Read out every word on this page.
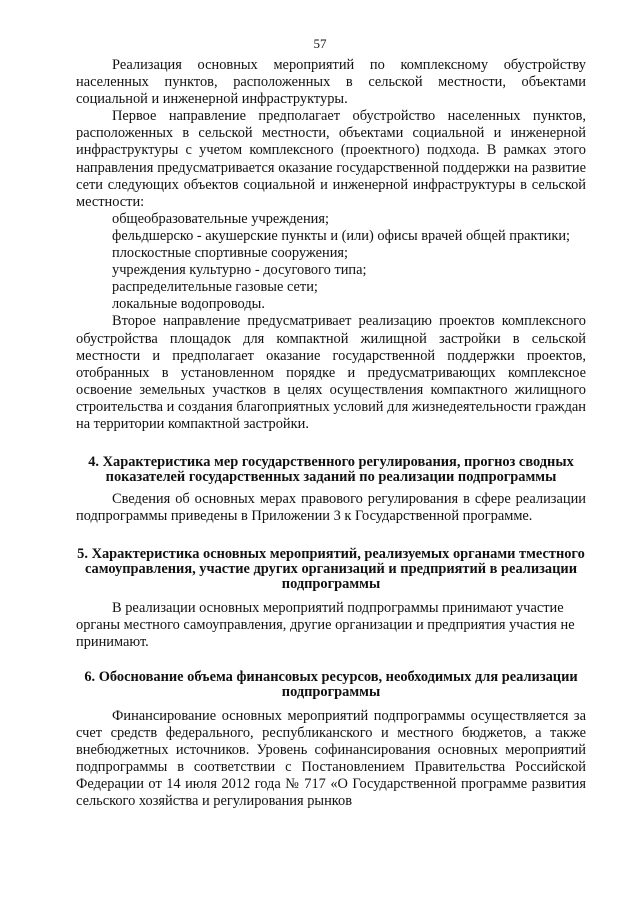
57

Реализация основных мероприятий по комплексному обустройству населенных пунктов, расположенных в сельской местности, объектами социальной и инженерной инфраструктуры.

Первое направление предполагает обустройство населенных пунктов, расположенных в сельской местности, объектами социальной и инженерной инфраструктуры с учетом комплексного (проектного) подхода. В рамках этого направления предусматривается оказание государственной поддержки на развитие сети следующих объектов социальной и инженерной инфраструктуры в сельской местности:

общеобразовательные учреждения;

фельдшерско - акушерские пункты и (или) офисы врачей общей практики;

плоскостные спортивные сооружения;

учреждения культурно - досугового типа;

распределительные газовые сети;

локальные водопроводы.

Второе направление предусматривает реализацию проектов комплексного обустройства площадок для компактной жилищной застройки в сельской местности и предполагает оказание государственной поддержки проектов, отобранных в установленном порядке и предусматривающих комплексное освоение земельных участков в целях осуществления компактного жилищного строительства и создания благоприятных условий для жизнедеятельности граждан на территории компактной застройки.

4. Характеристика мер государственного регулирования, прогноз сводных показателей государственных заданий по реализации подпрограммы

Сведения об основных мерах правового регулирования в сфере реализации подпрограммы приведены в Приложении 3 к Государственной программе.

5. Характеристика основных мероприятий, реализуемых органами тместного самоуправления, участие других организаций и предприятий в реализации подпрограммы

В реализации основных мероприятий подпрограммы принимают участие органы местного самоуправления, другие организации и предприятия участия не принимают.

6. Обоснование объема финансовых ресурсов, необходимых для реализации подпрограммы

Финансирование основных мероприятий подпрограммы осуществляется за счет средств федерального, республиканского и местного бюджетов, а также внебюджетных источников. Уровень софинансирования основных мероприятий подпрограммы в соответствии с Постановлением Правительства Российской Федерации от 14 июля 2012 года № 717 «О Государственной программе развития сельского хозяйства и регулирования рынков
